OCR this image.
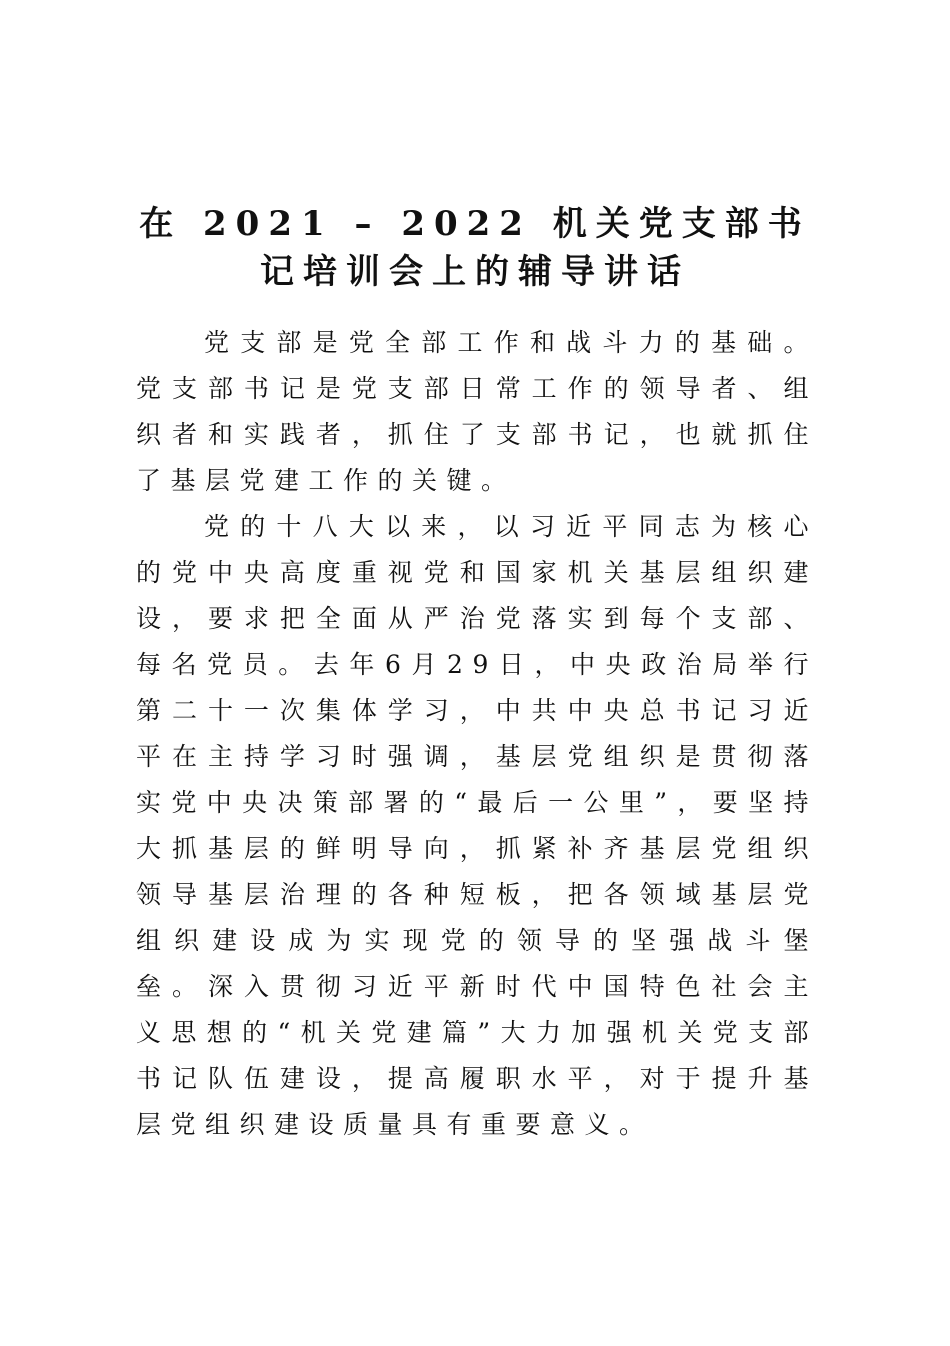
在 2021 – 2022 机关党支部书记培训会上的辅导讲话

党支部是党全部工作和战斗力的基础。党支部书记是党支部日常工作的领导者、组织者和实践者，抓住了支部书记，也就抓住了基层党建工作的关键。

党的十八大以来，以习近平同志为核心的党中央高度重视党和国家机关基层组织建设，要求把全面从严治党落实到每个支部、每名党员。去年6月29日，中央政治局举行第二十一次集体学习，中共中央总书记习近平在主持学习时强调，基层党组织是贯彻落实党中央决策部署的“最后一公里”，要坚持大抓基层的鲜明导向，抓紧补齐基层党组织领导基层治理的各种短板，把各领域基层党组织建设成为实现党的领导的坚强战斗堡垒。深入贯彻习近平新时代中国特色社会主义思想的“机关党建篇”大力加强机关党支部书记队伍建设，提高履职水平，对于提升基层党组织建设质量具有重要意义。
